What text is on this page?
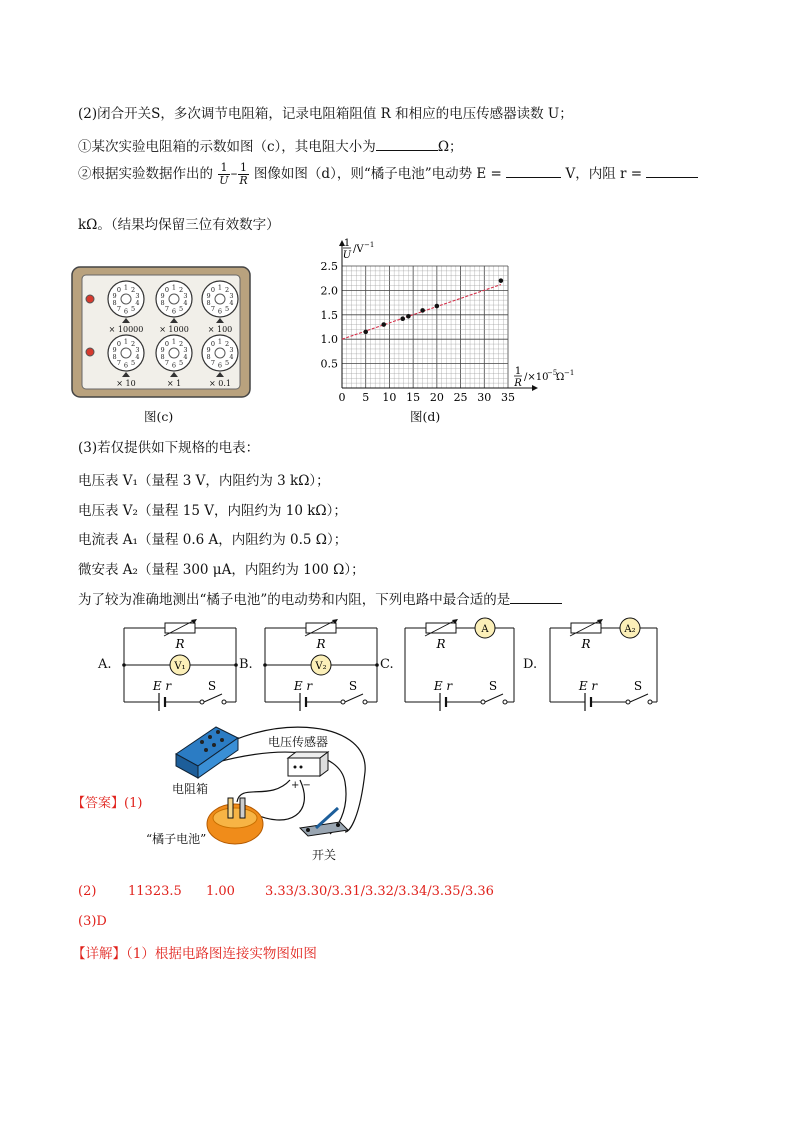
(2)闭合开关S，多次调节电阻箱，记录电阻箱阻值 R 和相应的电压传感器读数 U；
①某次实验电阻箱的示数如图（c），其电阻大小为	Ω；
②根据实验数据作出的 $\frac{1}{U} - \frac{1}{R}$ 图像如图（d），则“橘子电池”电动势 E =	V，内阻 r =
kΩ。（结果均保留三位有效数字）
1 2
3
4
5
6
7
8
9
0
× 10000
1 2
3
4
5
6
7
8
9
0
× 1000
1 2
3
4
5
6
7
8
9
0
× 100
1 2
3
4
5
6
7
8
9
0
× 10
1 2
3
4
5
6
7
8
9
0
× 1
1 2
3
4
5
6
7
8
9
0
× 0.1
图(c)
0 5 10 15 20 25 30 35
0.5
1.0
1.5
2.0
2.5
1
U
/V −1
1
R
/×10
−5
Ω −1
图(d)
(3)若仅提供如下规格的电表：
电压表 V₁（量程 3 V，内阻约为 3 kΩ）；
电压表 V₂（量程 15 V，内阻约为 10 kΩ）；
电流表 A₁（量程 0.6 A，内阻约为 0.5 Ω）；
微安表 A₂（量程 300 μA，内阻约为 100 Ω）；
为了较为准确地测出“橘子电池”的电动势和内阻，下列电路中最合适的是
R
V₁
E r	S
R
V₂
E r	S
R
A
E r	S
R
A₂
E r	S
A.	B.	C.	D.
【答案】(1)
电压传感器
+ −
电阻箱
“橘子电池”
开关
(2) 11323.5 1.00 3.33/3.30/3.31/3.32/3.34/3.35/3.36
(3)D
【详解】（1）根据电路图连接实物图如图
